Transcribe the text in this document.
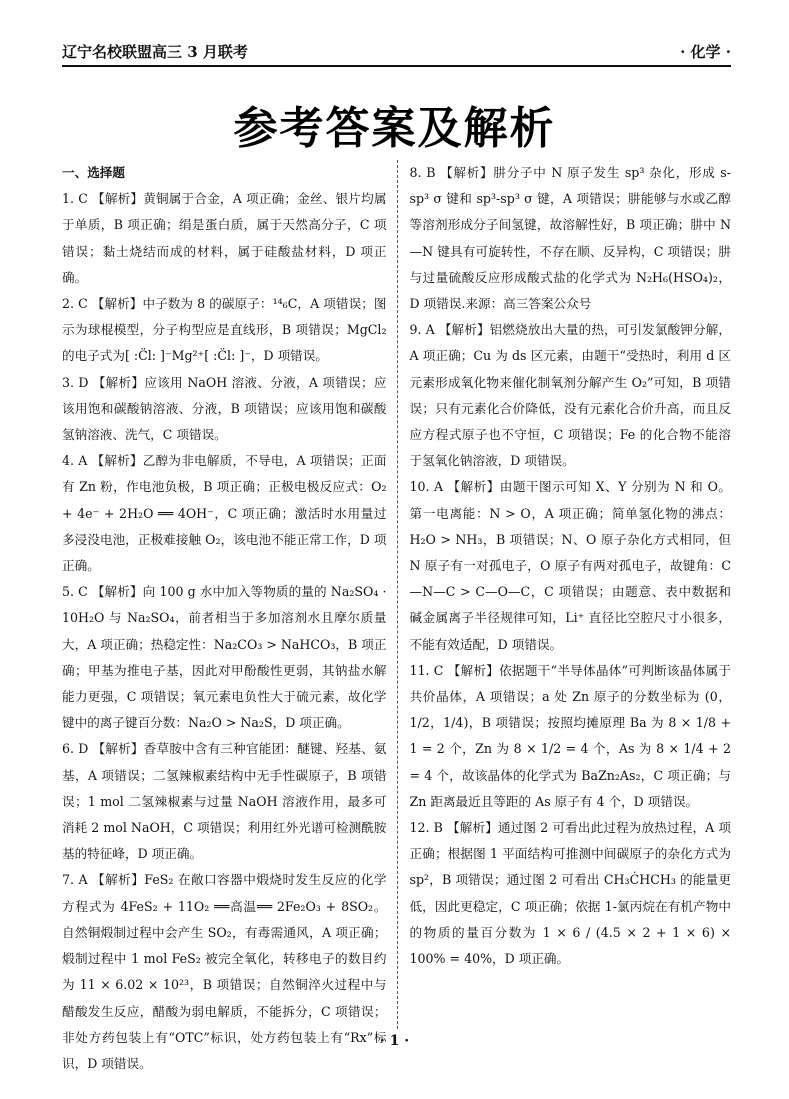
辽宁名校联盟高三 3 月联考	· 化学 ·
参考答案及解析
一、选择题

1. C 【解析】黄铜属于合金，A 项正确；金丝、银片均属于单质，B 项正确；绢是蛋白质，属于天然高分子，C 项错误；黏土烧结而成的材料，属于硅酸盐材料，D 项正确。

2. C 【解析】中子数为 8 的碳原子：¹⁴₆C，A 项错误；图示为球棍模型，分子构型应是直线形，B 项错误；MgCl₂ 的电子式为[ :C̈l: ]⁻Mg²⁺[ :C̈l: ]⁻，D 项错误。

3. D 【解析】应该用 NaOH 溶液、分液，A 项错误；应该用饱和碳酸钠溶液、分液，B 项错误；应该用饱和碳酸氢钠溶液、洗气，C 项错误。

4. A 【解析】乙醇为非电解质，不导电，A 项错误；正面有 Zn 粉，作电池负极，B 项正确；正极电极反应式：O₂ + 4e⁻ + 2H₂O ══ 4OH⁻，C 项正确；激活时水用量过多浸没电池，正极难接触 O₂，该电池不能正常工作，D 项正确。

5. C 【解析】向 100 g 水中加入等物质的量的 Na₂SO₄ · 10H₂O 与 Na₂SO₄，前者相当于多加溶剂水且摩尔质量大，A 项正确；热稳定性：Na₂CO₃ > NaHCO₃，B 项正确；甲基为推电子基，因此对甲酚酸性更弱，其钠盐水解能力更强，C 项错误；氧元素电负性大于硫元素，故化学键中的离子键百分数：Na₂O > Na₂S，D 项正确。

6. D 【解析】香草胺中含有三种官能团：醚键、羟基、氨基，A 项错误；二氢辣椒素结构中无手性碳原子，B 项错误；1 mol 二氢辣椒素与过量 NaOH 溶液作用，最多可消耗 2 mol NaOH，C 项错误；利用红外光谱可检测酰胺基的特征峰，D 项正确。

7. A 【解析】FeS₂ 在敞口容器中煅烧时发生反应的化学方程式为 4FeS₂ + 11O₂ ══高温══ 2Fe₂O₃ + 8SO₂。自然铜煅制过程中会产生 SO₂，有毒需通风，A 项正确；煅制过程中 1 mol FeS₂ 被完全氧化，转移电子的数目约为 11 × 6.02 × 10²³，B 项错误；自然铜淬火过程中与醋酸发生反应，醋酸为弱电解质，不能拆分，C 项错误；非处方药包装上有“OTC”标识，处方药包装上有“Rx”标识，D 项错误。

8. B 【解析】肼分子中 N 原子发生 sp³ 杂化，形成 s-sp³ σ 键和 sp³-sp³ σ 键，A 项错误；肼能够与水或乙醇等溶剂形成分子间氢键，故溶解性好，B 项正确；肼中 N—N 键具有可旋转性，不存在顺、反异构，C 项错误；肼与过量硫酸反应形成酸式盐的化学式为 N₂H₆(HSO₄)₂，D 项错误.来源：高三答案公众号

9. A 【解析】铝燃烧放出大量的热，可引发氯酸钾分解，A 项正确；Cu 为 ds 区元素，由题干“受热时，利用 d 区元素形成氧化物来催化制氧剂分解产生 O₂”可知，B 项错误；只有元素化合价降低，没有元素化合价升高，而且反应方程式原子也不守恒，C 项错误；Fe 的化合物不能溶于氢氧化钠溶液，D 项错误。

10. A 【解析】由题干图示可知 X、Y 分别为 N 和 O。第一电离能：N > O，A 项正确；简单氢化物的沸点：H₂O > NH₃，B 项错误；N、O 原子杂化方式相同，但 N 原子有一对孤电子，O 原子有两对孤电子，故键角：C—N—C > C—O—C，C 项错误；由题意、表中数据和碱金属离子半径规律可知，Li⁺ 直径比空腔尺寸小很多，不能有效适配，D 项错误。

11. C 【解析】依据题干“半导体晶体”可判断该晶体属于共价晶体，A 项错误；a 处 Zn 原子的分数坐标为 (0，1/2，1/4)，B 项错误；按照均摊原理 Ba 为 8 × 1/8 + 1 = 2 个，Zn 为 8 × 1/2 = 4 个，As 为 8 × 1/4 + 2 = 4 个，故该晶体的化学式为 BaZn₂As₂，C 项正确；与 Zn 距离最近且等距的 As 原子有 4 个，D 项错误。

12. B 【解析】通过图 2 可看出此过程为放热过程，A 项正确；根据图 1 平面结构可推测中间碳原子的杂化方式为 sp²，B 项错误；通过图 2 可看出 CH₃ĊHCH₃ 的能量更低，因此更稳定，C 项正确；依据 1-氯丙烷在有机产物中的物质的量百分数为 1 × 6 / (4.5 × 2 + 1 × 6) × 100% = 40%，D 项正确。

· 1 ·
